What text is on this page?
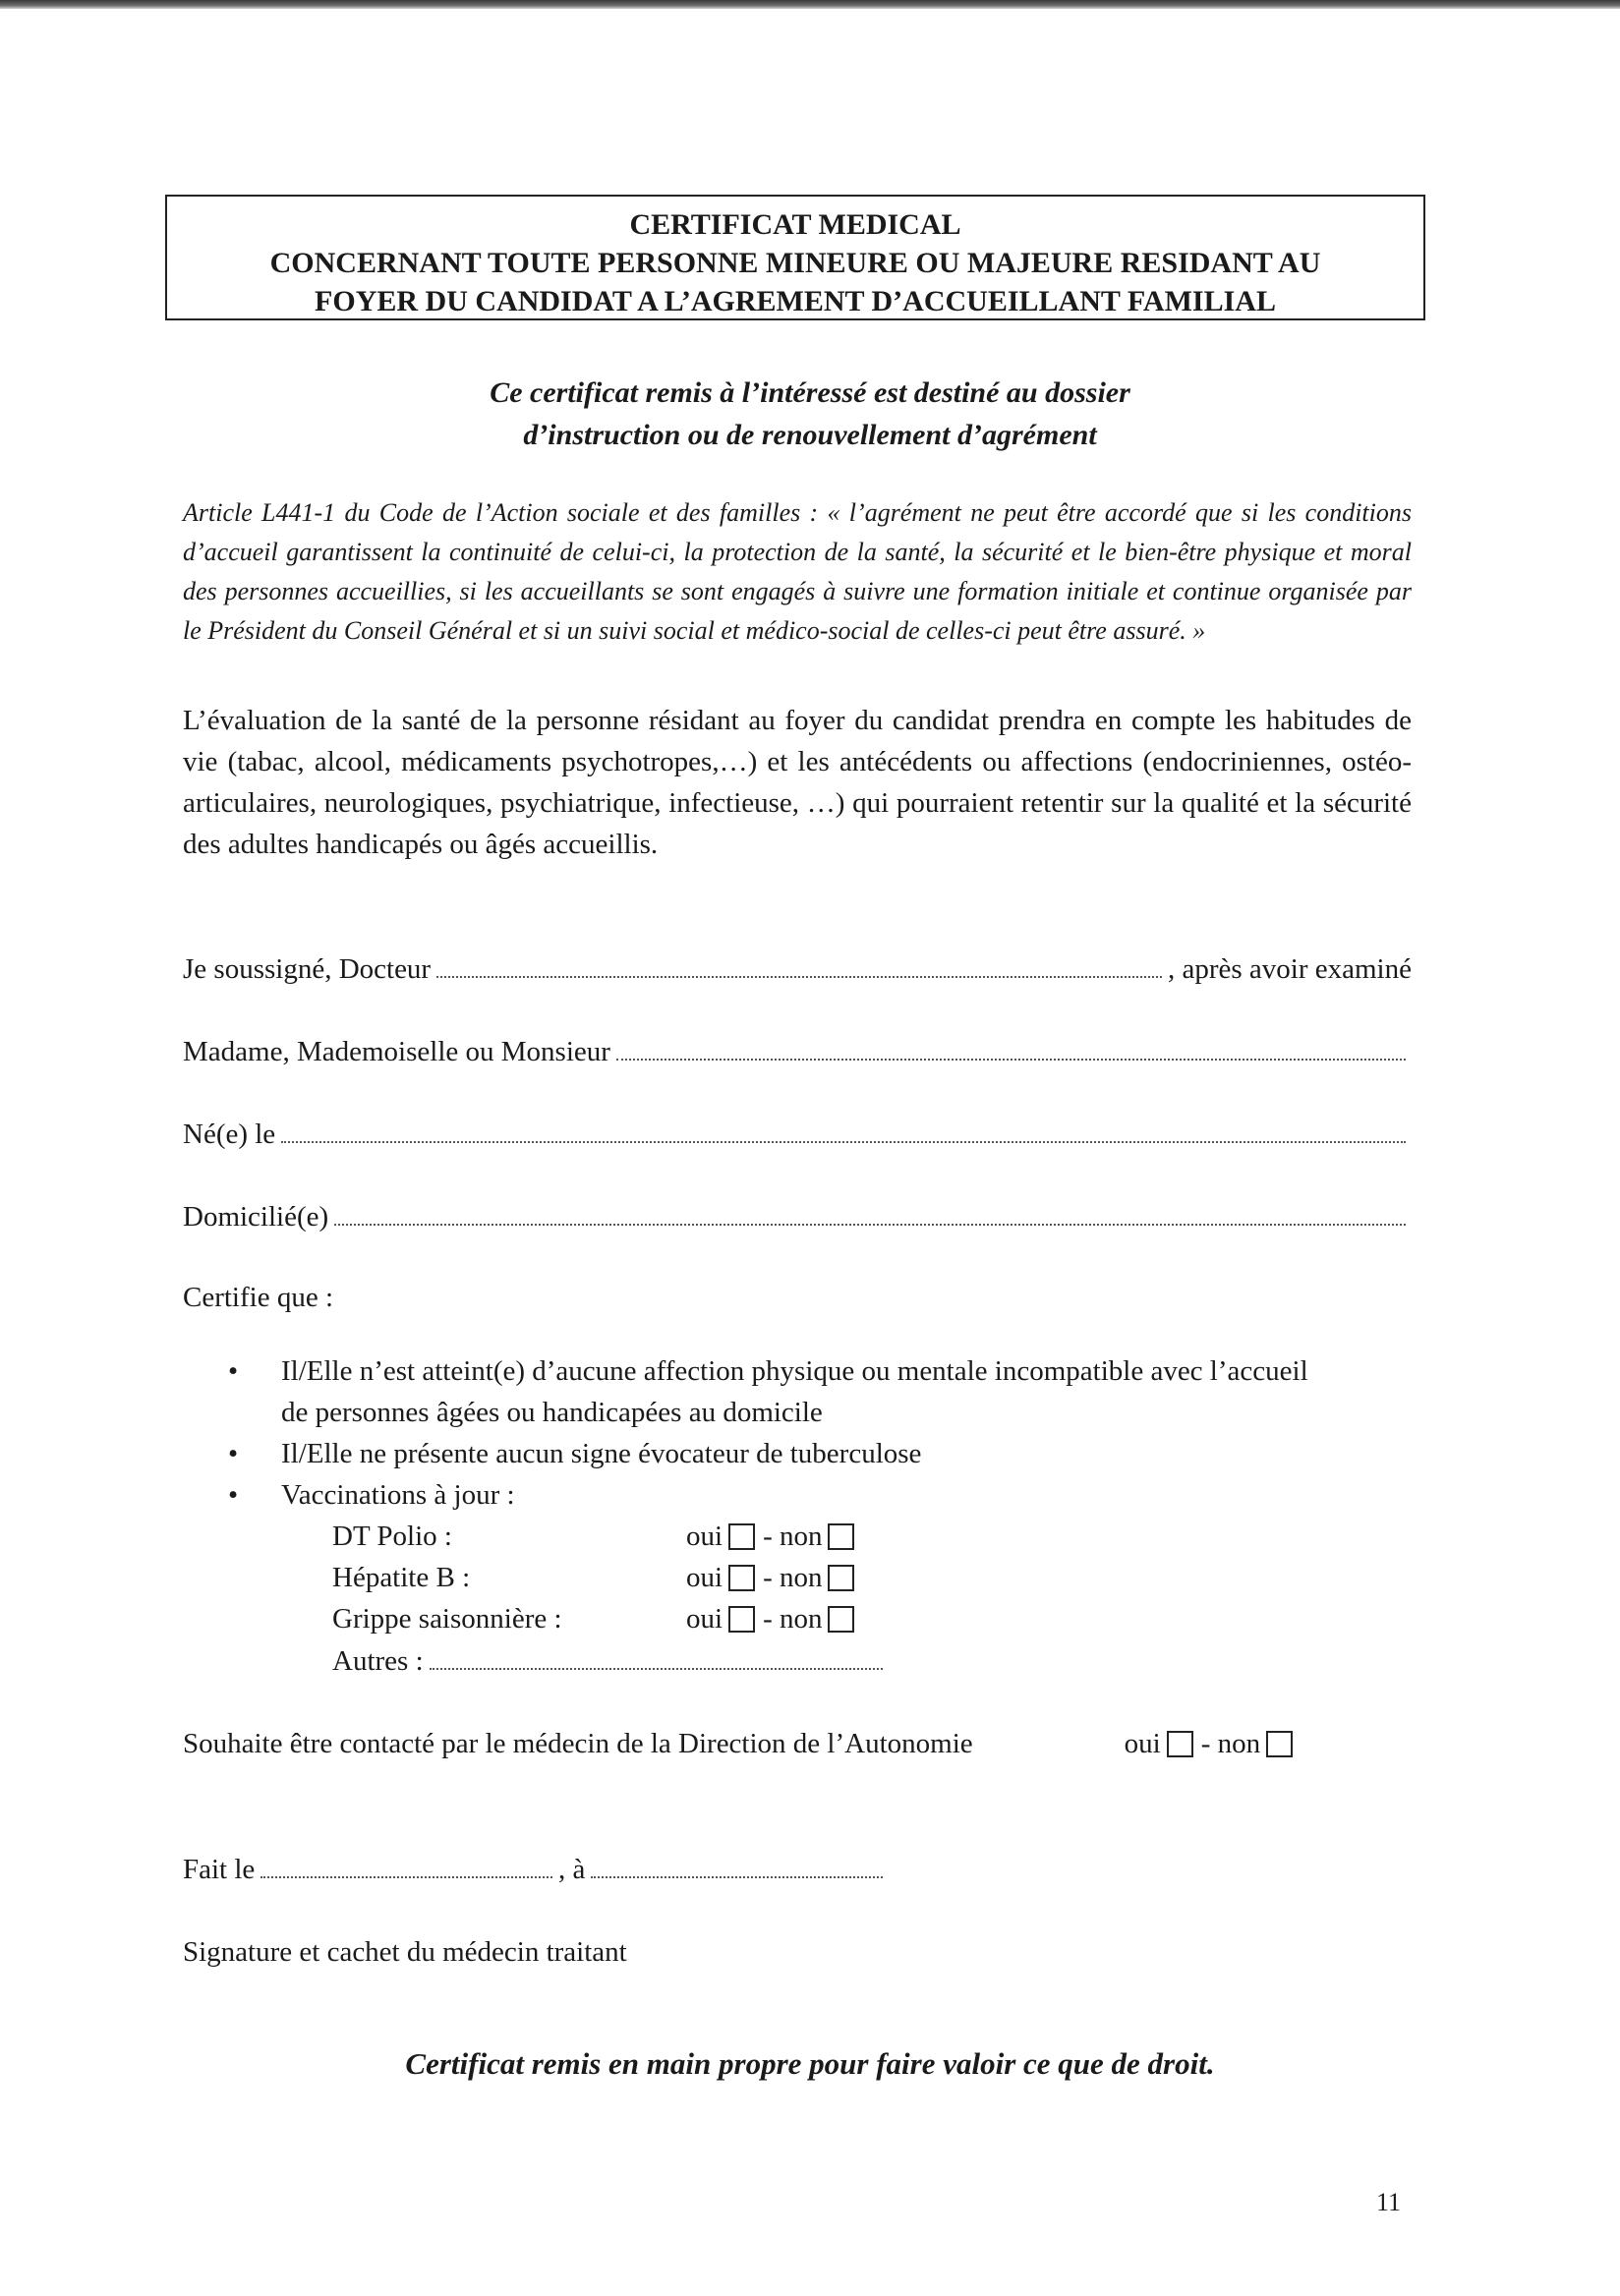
CERTIFICAT MEDICAL
CONCERNANT TOUTE PERSONNE MINEURE OU MAJEURE RESIDANT AU
FOYER DU CANDIDAT A L’AGREMENT D’ACCUEILLANT FAMILIAL
Ce certificat remis à l’intéressé est destiné au dossier
d’instruction ou de renouvellement d’agrément
Article L441-1 du Code de l’Action sociale et des familles : « l’agrément ne peut être accordé que si les conditions d’accueil garantissent la continuité de celui-ci, la protection de la santé, la sécurité et le bien-être physique et moral des personnes accueillies, si les accueillants se sont engagés à suivre une formation initiale et continue organisée par le Président du Conseil Général et si un suivi social et médico-social de celles-ci peut être assuré. »
L’évaluation de la santé de la personne résidant au foyer du candidat prendra en compte les habitudes de vie (tabac, alcool, médicaments psychotropes,…) et les antécédents ou affections (endocriniennes, ostéo-articulaires, neurologiques, psychiatrique, infectieuse, …) qui pourraient retentir sur la qualité et la sécurité des adultes handicapés ou âgés accueillis.
Je soussigné, Docteur	, après avoir examiné
Madame, Mademoiselle ou Monsieur
Né(e) le
Domicilié(e)
Certifie que :
• Il/Elle n’est atteint(e) d’aucune affection physique ou mentale incompatible avec l’accueil
de personnes âgées ou handicapées au domicile
• Il/Elle ne présente aucun signe évocateur de tuberculose
• Vaccinations à jour :
DT Polio :	oui - non
Hépatite B :	oui - non
Grippe saisonnière :	oui - non
Autres :
Souhaite être contacté par le médecin de la Direction de l’Autonomie	oui - non
Fait le	, à
Signature et cachet du médecin traitant
Certificat remis en main propre pour faire valoir ce que de droit.
11
